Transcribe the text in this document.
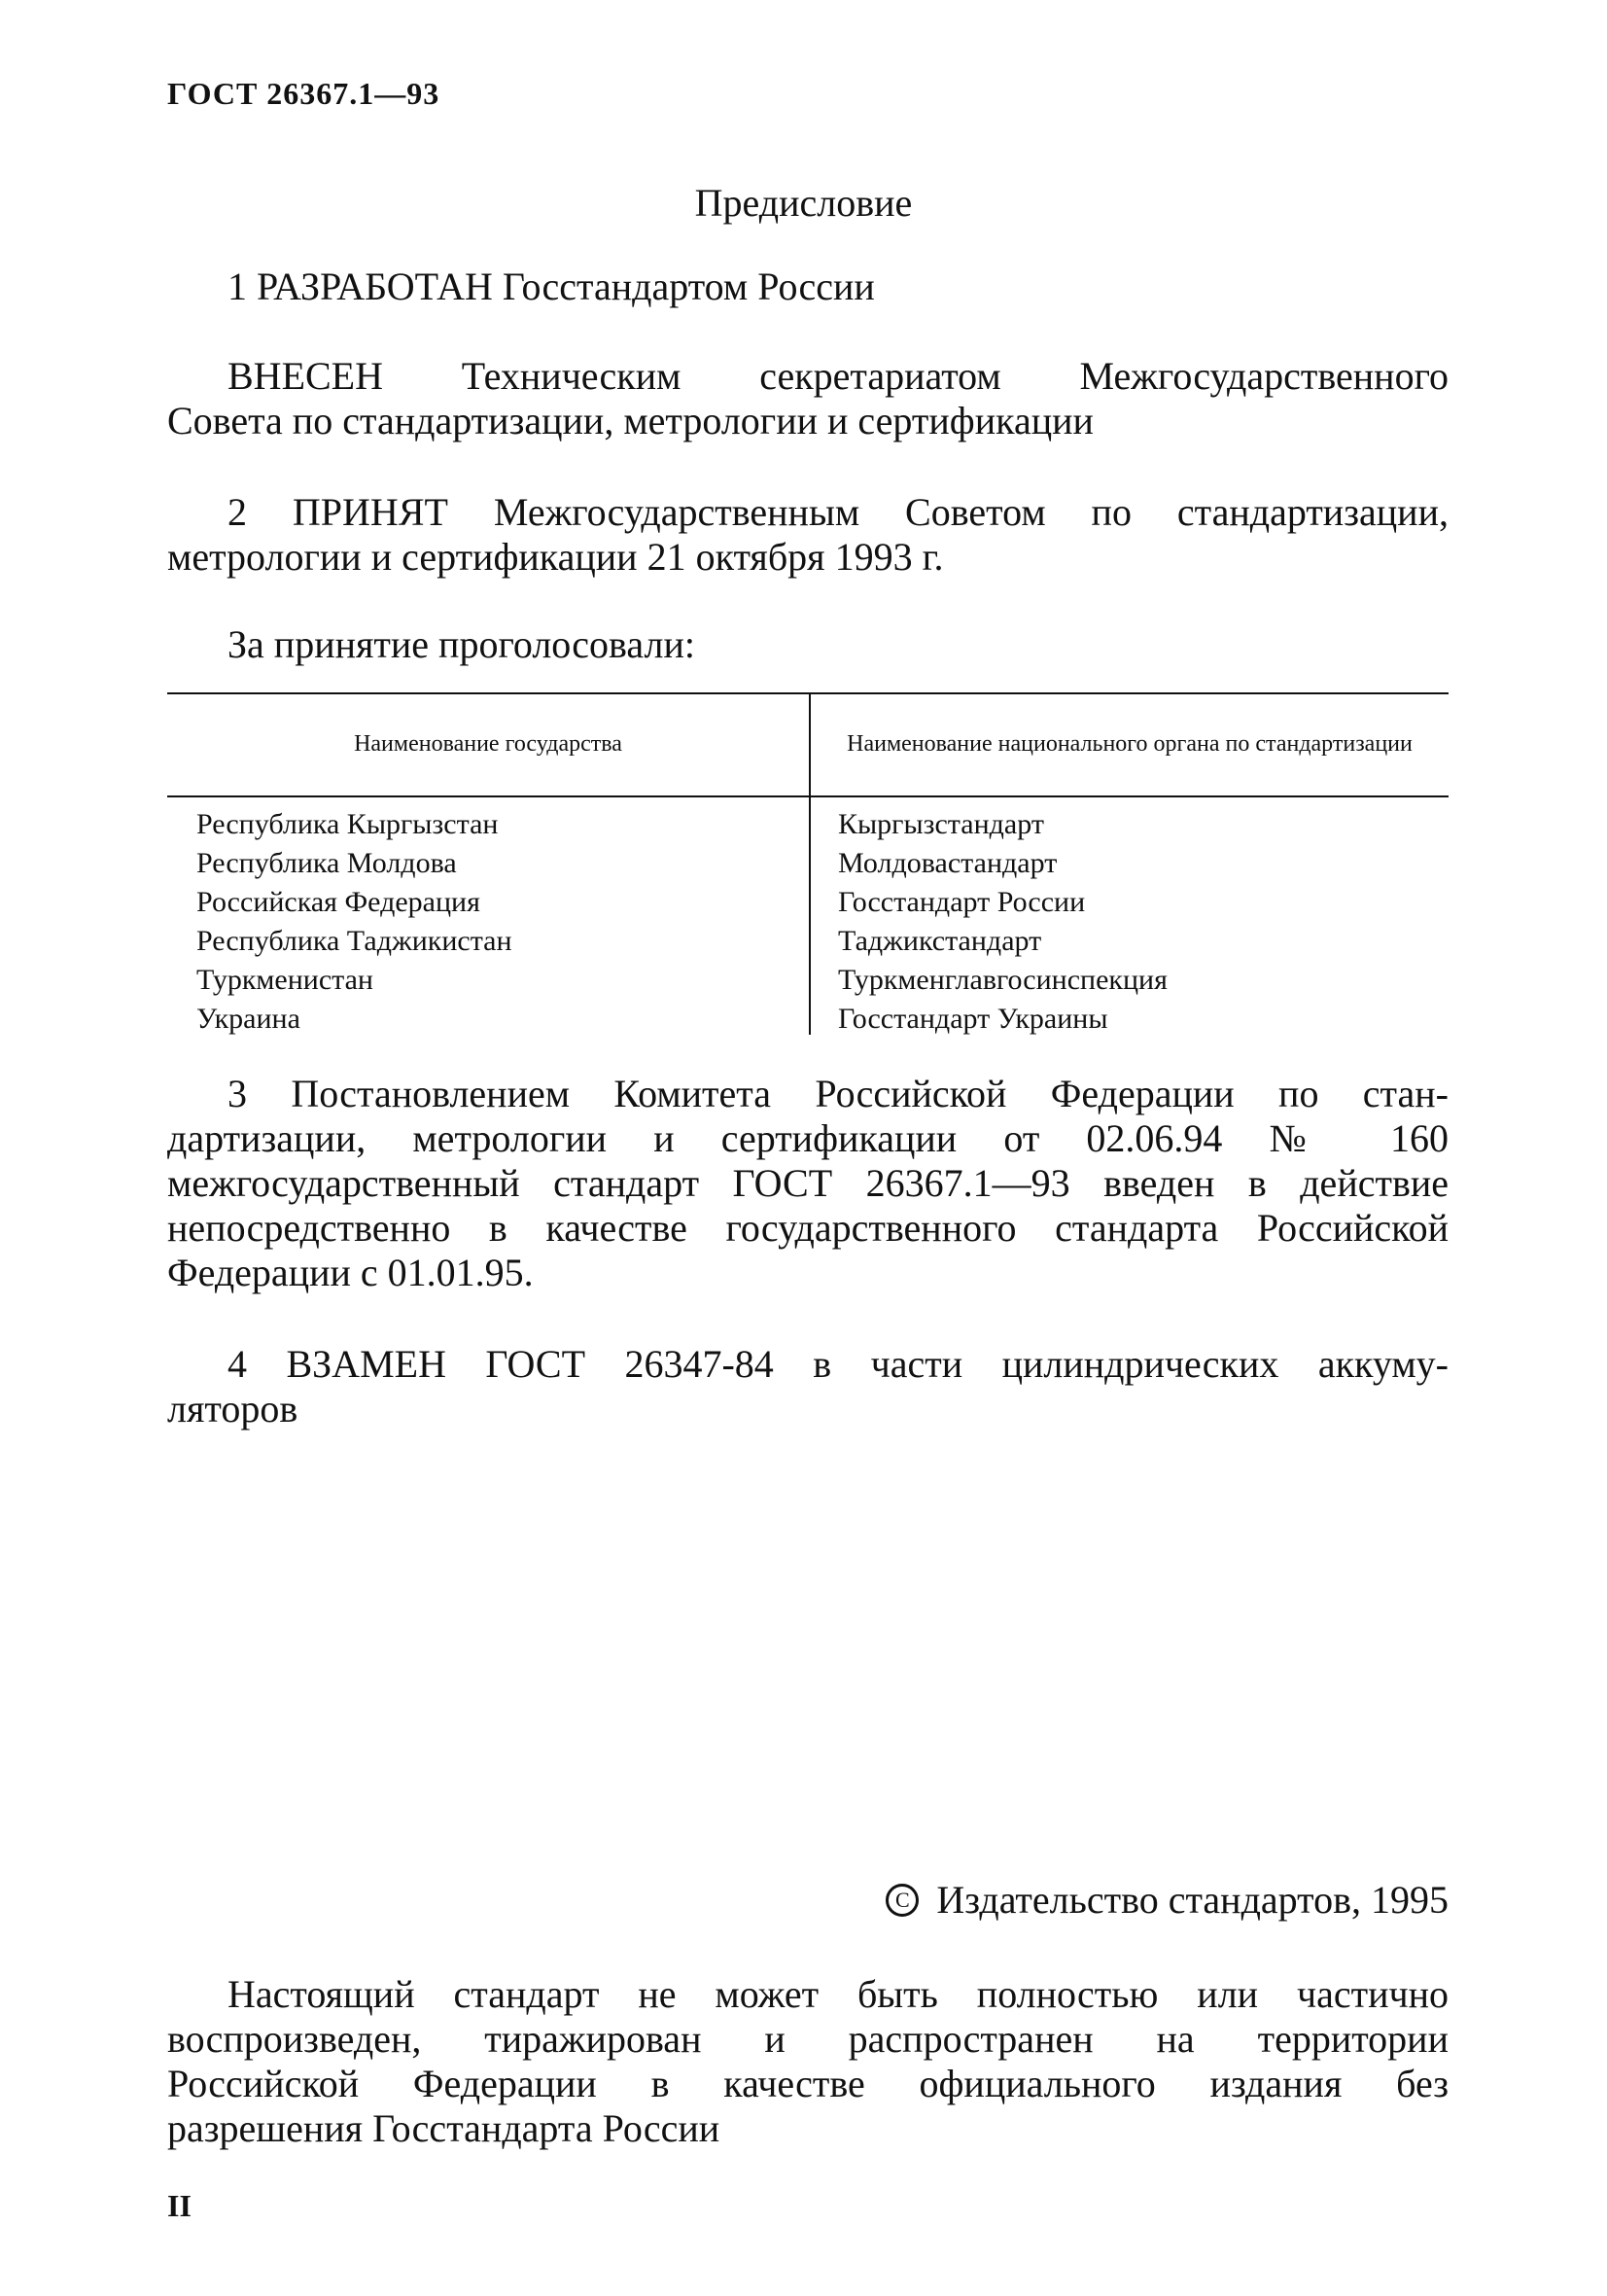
ГОСТ 26367.1—93
Предисловие
1 РАЗРАБОТАН Госстандартом России
ВНЕСЕН Техническим секретариатом Межгосударственного
Совета по стандартизации, метрологии и сертификации
2 ПРИНЯТ Межгосударственным Советом по стандартизации,
метрологии и сертификации 21 октября 1993 г.
За принятие проголосовали:
Наименование государства	Наименование национального органа по стандартизации
Республика Кыргызстан
Республика Молдова
Российская Федерация
Республика Таджикистан
Туркменистан
Украина
Кыргызстандарт
Молдовастандарт
Госстандарт России
Таджикстандарт
Туркменглавгосинспекция
Госстандарт Украины
3 Постановлением Комитета Российской Федерации по стан-
дартизации, метрологии и сертификации от 02.06.94 № 160
межгосударственный стандарт ГОСТ 26367.1—93 введен в действие
непосредственно в качестве государственного стандарта Российской
Федерации с 01.01.95.
4 ВЗАМЕН ГОСТ 26347-84 в части цилиндрических аккуму-
ляторов
C Издательство стандартов, 1995
Настоящий стандарт не может быть полностью или частично
воспроизведен, тиражирован и распространен на территории
Российской Федерации в качестве официального издания без
разрешения Госстандарта России
II
